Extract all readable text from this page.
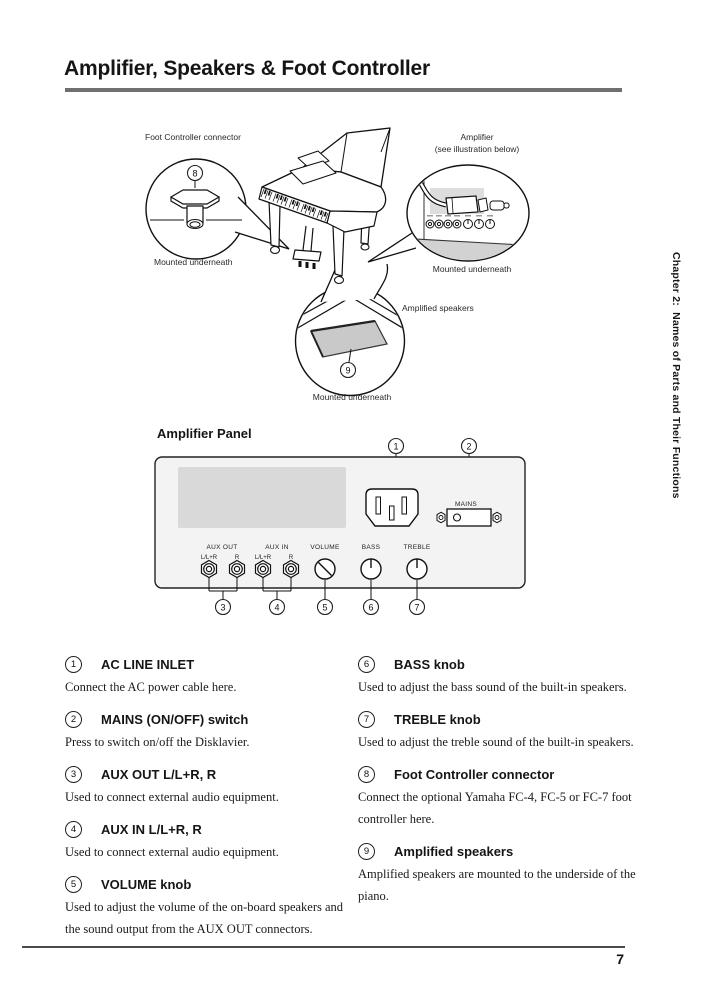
Amplifier, Speakers & Foot Controller
Foot Controller connector	Amplifier
(see illustration below)
9
Amplified speakers
Mounted underneath
Mounted underneath
8
Mounted underneath
Amplifier Panel
1	2
MAINS
AUX OUT	AUX IN	VOLUME	BASS	TREBLE
L/L+R	R	L/L+R	R
3	4	5	6	7
1	AC LINE INLET

Connect the AC power cable here.

2	MAINS (ON/OFF) switch

Press to switch on/off the Disklavier.

3	AUX OUT L/L+R, R

Used to connect external audio equipment.

4	AUX IN L/L+R, R

Used to connect external audio equipment.

5	VOLUME knob

Used to adjust the volume of the on-board speakers and the sound output from the AUX OUT connectors.

6	BASS knob

Used to adjust the bass sound of the built-in speakers.

7	TREBLE knob

Used to adjust the treble sound of the built-in speakers.

8	Foot Controller connector

Connect the optional Yamaha FC-4, FC-5 or FC-7 foot controller here.

9	Amplified speakers

Amplified speakers are mounted to the underside of the piano.

Chapter 2:  Names of Parts and Their Functions
7
